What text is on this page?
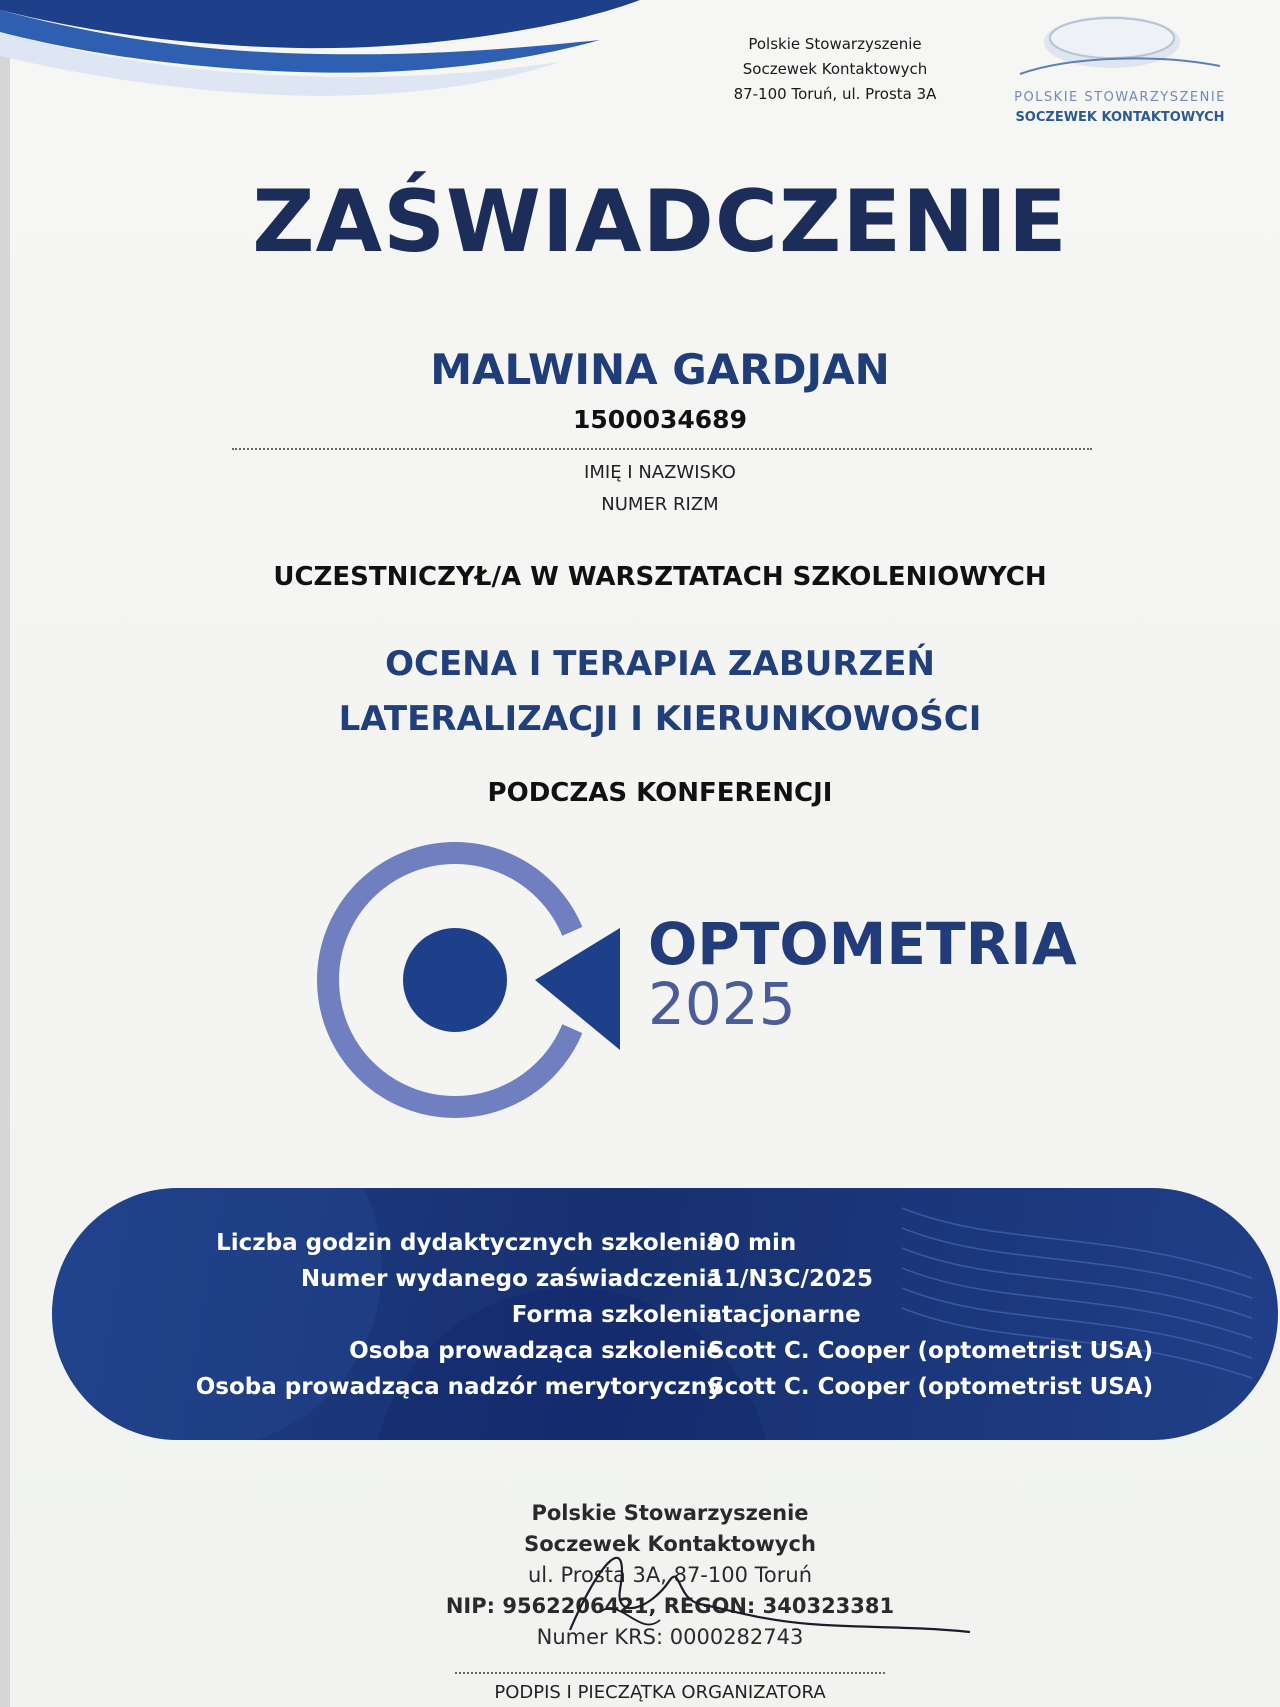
Polskie Stowarzyszenie
Soczewek Kontaktowych
87-100 Toruń, ul. Prosta 3A	POLSKIE STOWARZYSZENIE
SOCZEWEK KONTAKTOWYCH
ZAŚWIADCZENIE
MALWINA GARDJAN
1500034689
IMIĘ I NAZWISKO
NUMER RIZM
UCZESTNICZYŁ/A W WARSZTATACH SZKOLENIOWYCH
OCENA I TERAPIA ZABURZEŃ
LATERALIZACJI I KIERUNKOWOŚCI
PODCZAS KONFERENCJI
OPTOMETRIA
2025
Liczba godzin dydaktycznych szkolenia
90 min
Numer wydanego zaświadczenia
11/N3C/2025
Forma szkolenia
stacjonarne
Osoba prowadząca szkolenie
Scott C. Cooper (optometrist USA)
Osoba prowadząca nadzór merytoryczny
Scott C. Cooper (optometrist USA)
Polskie Stowarzyszenie
Soczewek Kontaktowych
ul. Prosta 3A, 87-100 Toruń
NIP: 9562206421, REGON: 340323381
Numer KRS: 0000282743
PODPIS I PIECZĄTKA ORGANIZATORA
